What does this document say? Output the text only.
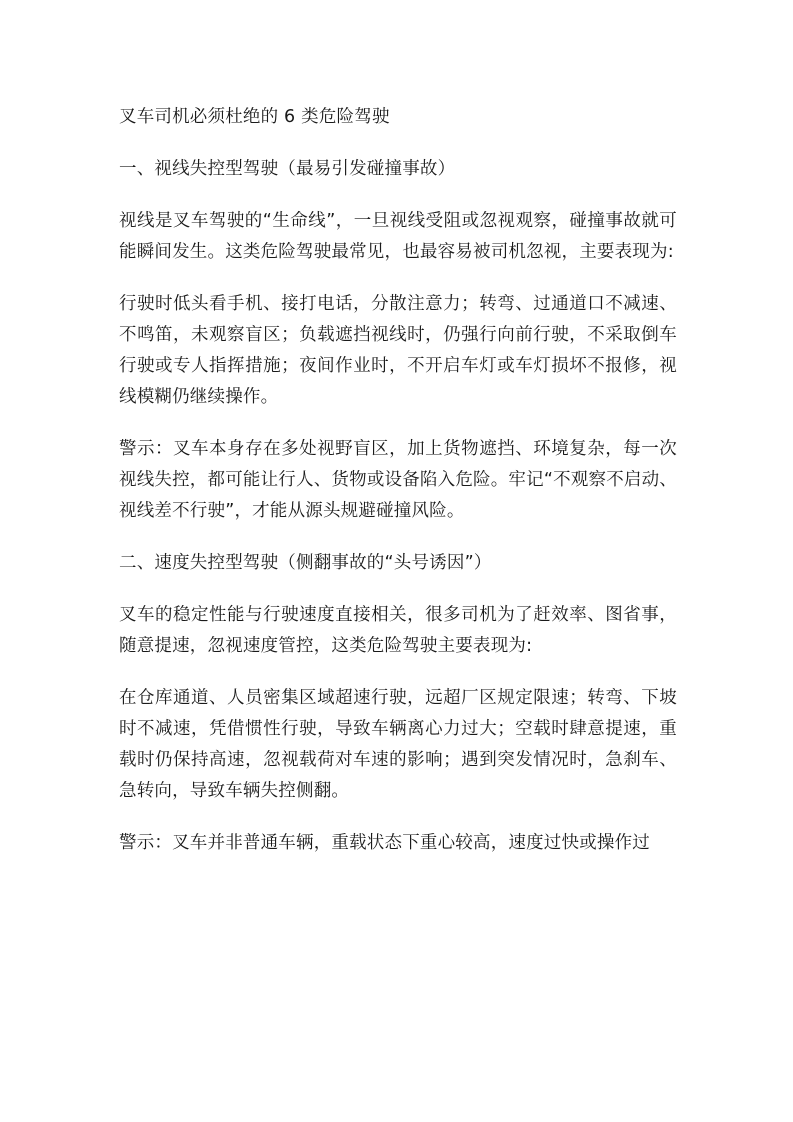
叉车司机必须杜绝的 6 类危险驾驶

一、视线失控型驾驶（最易引发碰撞事故）

视线是叉车驾驶的“生命线”，一旦视线受阻或忽视观察，碰撞事故就可能瞬间发生。这类危险驾驶最常见，也最容易被司机忽视，主要表现为:

行驶时低头看手机、接打电话，分散注意力；转弯、过通道口不减速、不鸣笛，未观察盲区；负载遮挡视线时，仍强行向前行驶，不采取倒车行驶或专人指挥措施；夜间作业时，不开启车灯或车灯损坏不报修，视线模糊仍继续操作。

警示：叉车本身存在多处视野盲区，加上货物遮挡、环境复杂，每一次视线失控，都可能让行人、货物或设备陷入危险。牢记“不观察不启动、视线差不行驶”，才能从源头规避碰撞风险。

二、速度失控型驾驶（侧翻事故的“头号诱因”）

叉车的稳定性能与行驶速度直接相关，很多司机为了赶效率、图省事，随意提速，忽视速度管控，这类危险驾驶主要表现为:

在仓库通道、人员密集区域超速行驶，远超厂区规定限速；转弯、下坡时不减速，凭借惯性行驶，导致车辆离心力过大；空载时肆意提速，重载时仍保持高速，忽视载荷对车速的影响；遇到突发情况时，急刹车、急转向，导致车辆失控侧翻。

警示：叉车并非普通车辆，重载状态下重心较高，速度过快或操作过
